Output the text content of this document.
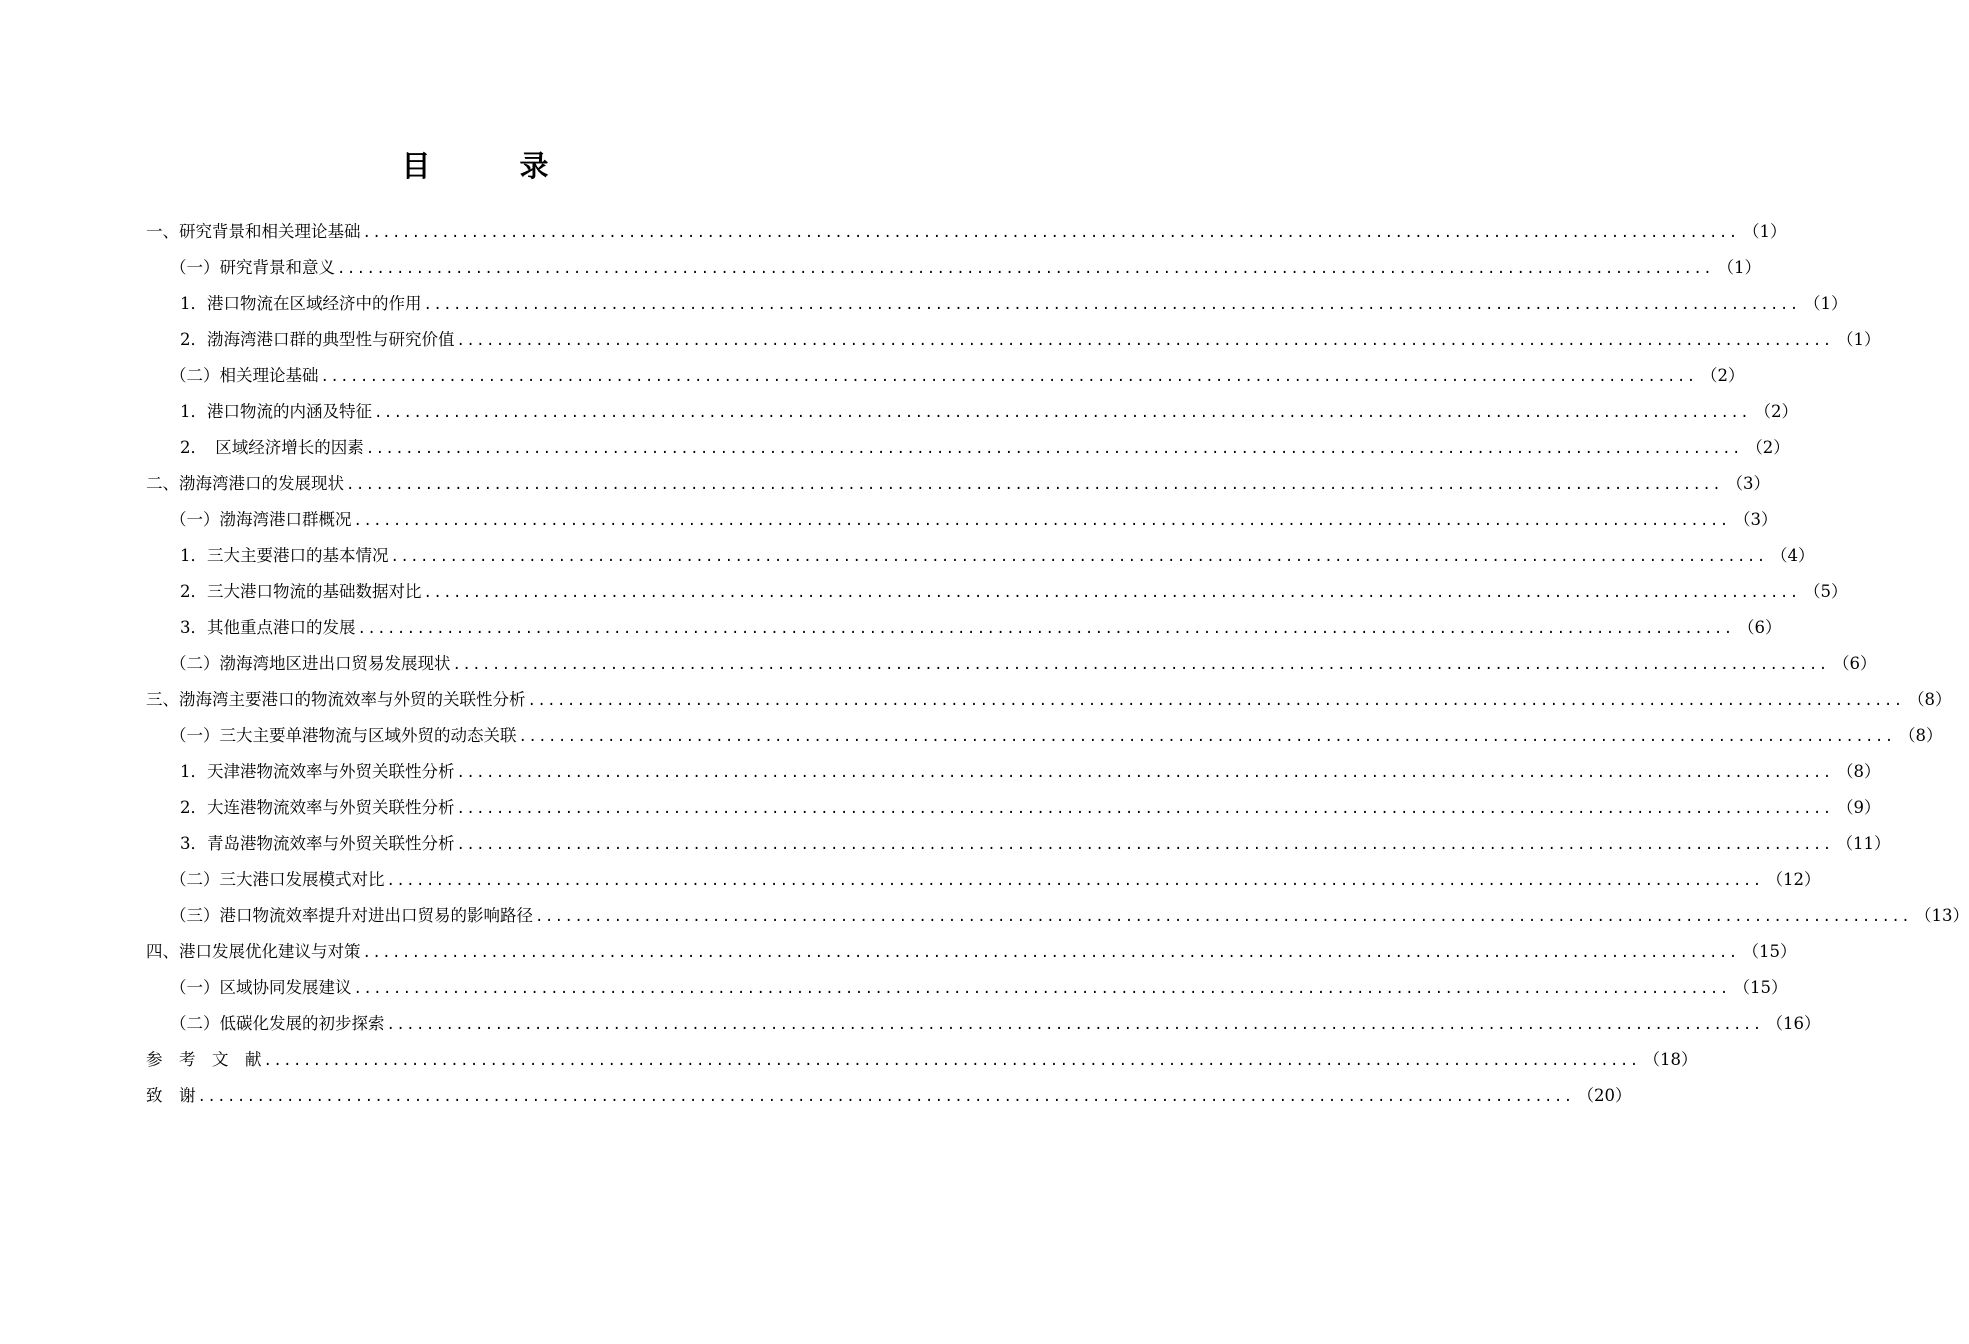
目　录
一、研究背景和相关理论基础 ............................................................................................................................................ （1）
（一）研究背景和意义 ............................................................................................................................................ （1）
1．港口物流在区域经济中的作用 ............................................................................................................................................ （1）
2．渤海湾港口群的典型性与研究价值 ............................................................................................................................................ （1）
（二）相关理论基础 ............................................................................................................................................ （2）
1．港口物流的内涵及特征 ............................................................................................................................................ （2）
2．　区域经济增长的因素 ............................................................................................................................................ （2）
二、渤海湾港口的发展现状 ............................................................................................................................................ （3）
（一）渤海湾港口群概况 ............................................................................................................................................ （3）
1．三大主要港口的基本情况 ............................................................................................................................................ （4）
2．三大港口物流的基础数据对比 ............................................................................................................................................ （5）
3．其他重点港口的发展 ............................................................................................................................................ （6）
（二）渤海湾地区进出口贸易发展现状 ............................................................................................................................................ （6）
三、渤海湾主要港口的物流效率与外贸的关联性分析 ............................................................................................................................................ （8）
（一）三大主要单港物流与区域外贸的动态关联 ............................................................................................................................................ （8）
1．天津港物流效率与外贸关联性分析 ............................................................................................................................................ （8）
2．大连港物流效率与外贸关联性分析 ............................................................................................................................................ （9）
3．青岛港物流效率与外贸关联性分析 ............................................................................................................................................ （11）
（二）三大港口发展模式对比 ............................................................................................................................................ （12）
（三）港口物流效率提升对进出口贸易的影响路径 ............................................................................................................................................ （13）
四、港口发展优化建议与对策 ............................................................................................................................................ （15）
（一）区域协同发展建议 ............................................................................................................................................ （15）
（二）低碳化发展的初步探索 ............................................................................................................................................ （16）
参　考　文　献 ............................................................................................................................................ （18）
致　谢 ............................................................................................................................................ （20）
